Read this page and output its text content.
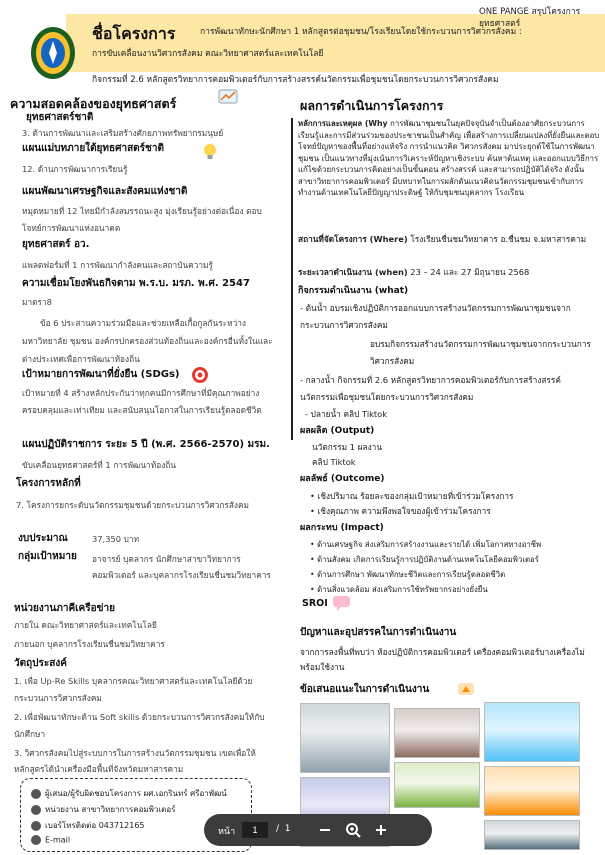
ONE PANGE สรุปโครงการ ยุทธศาสตร์
ชื่อโครงการ	การพัฒนาทักษะนักศึกษา 1 หลักสูตรต่อชุมชน/โรงเรียนโดยใช้กระบวนการวิศวกรสังคม :
การขับเคลื่อนงานวิศวกรสังคม คณะวิทยาศาสตร์และเทคโนโลยี
กิจกรรมที่ 2.6 หลักสูตรวิทยาการคอมพิวเตอร์กับการสร้างสรรค์นวัตกรรมเพื่อชุมชนโดยกระบวนการวิศวกรสังคม
ความสอดคล้องของยุทธศาสตร์
ยุทธศาสตร์ชาติ
3. ด้านการพัฒนาและเสริมสร้างศักยภาพทรัพยากรมนุษย์
แผนแม่บทภายใต้ยุทธศาสตร์ชาติ
12. ด้านการพัฒนาการเรียนรู้
แผนพัฒนาเศรษฐกิจและสังคมแห่งชาติ
หมุดหมายที่ 12 ไทยมีกำลังสมรรถนะสูง มุ่งเรียนรู้อย่างต่อเนื่อง ตอบโจทย์การพัฒนาแห่งอนาคต
ยุทธศาสตร์ อว.
แพลตฟอร์มที่ 1 การพัฒนากำลังคนและสถาบันความรู้
ความเชื่อมโยงพันธกิจตาม พ.ร.บ. มรภ. พ.ศ. 2547
มาตรา8
ข้อ 6 ประสานความร่วมมือและช่วยเหลือเกื้อกูลกันระหว่างมหาวิทยาลัย ชุมชน องค์กรปกครองส่วนท้องถิ่นและองค์กรอื่นทั้งในและต่างประเทศเพื่อการพัฒนาท้องถิ่น
เป้าหมายการพัฒนาที่ยั่งยืน (SDGs)
เป้าหมายที่ 4 สร้างหลักประกันว่าทุกคนมีการศึกษาที่มีคุณภาพอย่างครอบคลุมและเท่าเทียม และสนับสนุนโอกาสในการเรียนรู้ตลอดชีวิต
แผนปฏิบัติราชการ ระยะ 5 ปี (พ.ศ. 2566-2570) มรม.
ขับเคลื่อนยุทธศาสตร์ที่ 1 การพัฒนาท้องถิ่น
โครงการหลักที่
7. โครงการยกระดับนวัตกรรมชุมชนด้วยกระบวนการวิศวกรสังคม
งบประมาณ	37,350 บาท
กลุ่มเป้าหมาย อาจารย์ บุคลากร นักศึกษาสาขาวิทยาการคอมพิวเตอร์ และบุคลากรโรงเรียนชื่นชมวิทยาคาร
หน่วยงานภาคีเครือข่าย
ภายใน คณะวิทยาศาสตร์และเทคโนโลยี
ภายนอก บุคลากรโรงเรียนชื่นชมวิทยาคาร
วัตถุประสงค์
1. เพื่อ Up-Re Skills บุคลากรคณะวิทยาศาสตร์และเทคโนโลยีด้วยกระบวนการวิศวกรสังคม
2. เพื่อพัฒนาทักษะด้าน Soft skills ด้วยกระบวนการวิศวกรสังคมให้กับนักศึกษา
3. วิศวกรสังคมไปสู่ระบบการในการสร้างนวัตกรรมชุมชน เขตเพื่อให้หลักสูตรได้นำเครื่องมือพื้นที่จังหวัดมหาสารคาม
ผู้เสนอ/ผู้รับผิดชอบโครงการ ผศ.เอกรินทร์ ศรีอาพัฒน์
หน่วยงาน สาขาวิทยาการคอมพิวเตอร์
เบอร์โทรติดต่อ 043712165
E-mail
ผลการดำเนินการโครงการ
หลักการและเหตุผล (Why การพัฒนาชุมชนในยุคปัจจุบันจำเป็นต้องอาศัยกระบวนการเรียนรู้และการมีส่วนร่วมของประชาชนเป็นสำคัญ เพื่อสร้างการเปลี่ยนแปลงที่ยั่งยืนและตอบโจทย์ปัญหาของพื้นที่อย่างแท้จริง การนำแนวคิด วิศวกรสังคม มาประยุกต์ใช้ในการพัฒนาชุมชน เป็นแนวทางที่มุ่งเน้นการวิเคราะห์ปัญหาเชิงระบบ ค้นหาต้นเหตุ และออกแบบวิธีการแก้ไขด้วยกระบวนการคิดอย่างเป็นขั้นตอน สร้างสรรค์ และสามารถปฏิบัติได้จริง ดังนั้น สาขาวิทยาการคอมพิวเตอร์ มีบทบาทในการผลักดันแนวคิดนวัตกรรมชุมชนเข้ากับการทำงานด้านเทคโนโลยีปัญญาประดิษฐ์ ให้กับชุมชนบุคลากร โรงเรียน
สถานที่จัดโครงการ (Where) โรงเรียนชื่นชมวิทยาคาร อ.ชื่นชม จ.มหาสารคาม
ระยะเวลาดำเนินงาน (when) 23 – 24 และ 27 มิถุนายน 2568
กิจกรรมดำเนินงาน (what)
- ต้นน้ำ อบรมเชิงปฏิบัติการออกแบบการสร้างนวัตกรรมการพัฒนาชุมชนจากกระบวนการวิศวกรสังคม
อบรมกิจกรรมสร้างนวัตกรรมการพัฒนาชุมชนจากกระบวนการวิศวกรสังคม
- กลางน้ำ กิจกรรมที่ 2.6 หลักสูตรวิทยาการคอมพิวเตอร์กับการสร้างสรรค์นวัตกรรมเพื่อชุมชนโดยกระบวนการวิศวกรสังคม
- ปลายน้ำ คลิป Tiktok
ผลผลิต (Output)
นวัตกรรม 1 ผลงาน
คลิป Tiktok
ผลลัพธ์ (Outcome)
• เชิงปริมาณ ร้อยละของกลุ่มเป้าหมายที่เข้าร่วมโครงการ
• เชิงคุณภาพ ความพึงพอใจของผู้เข้าร่วมโครงการ
ผลกระทบ (Impact)
• ด้านเศรษฐกิจ ส่งเสริมการสร้างงานและรายได้ เพิ่มโอกาสทางอาชีพ
• ด้านสังคม เกิดการเรียนรู้การปฏิบัติงานด้านเทคโนโลยีคอมพิวเตอร์
• ด้านการศึกษา พัฒนาทักษะชีวิตและการเรียนรู้ตลอดชีวิต
• ด้านสิ่งแวดล้อม ส่งเสริมการใช้ทรัพยากรอย่างยั่งยืน
SROI
ปัญหาและอุปสรรคในการดำเนินงาน
จากการลงพื้นที่พบว่า ห้องปฏิบัติการคอมพิวเตอร์ เครื่องคอมพิวเตอร์บางเครื่องไม่พร้อมใช้งาน
ข้อเสนอแนะในการดำเนินงาน
หน้า
1	/ 1
